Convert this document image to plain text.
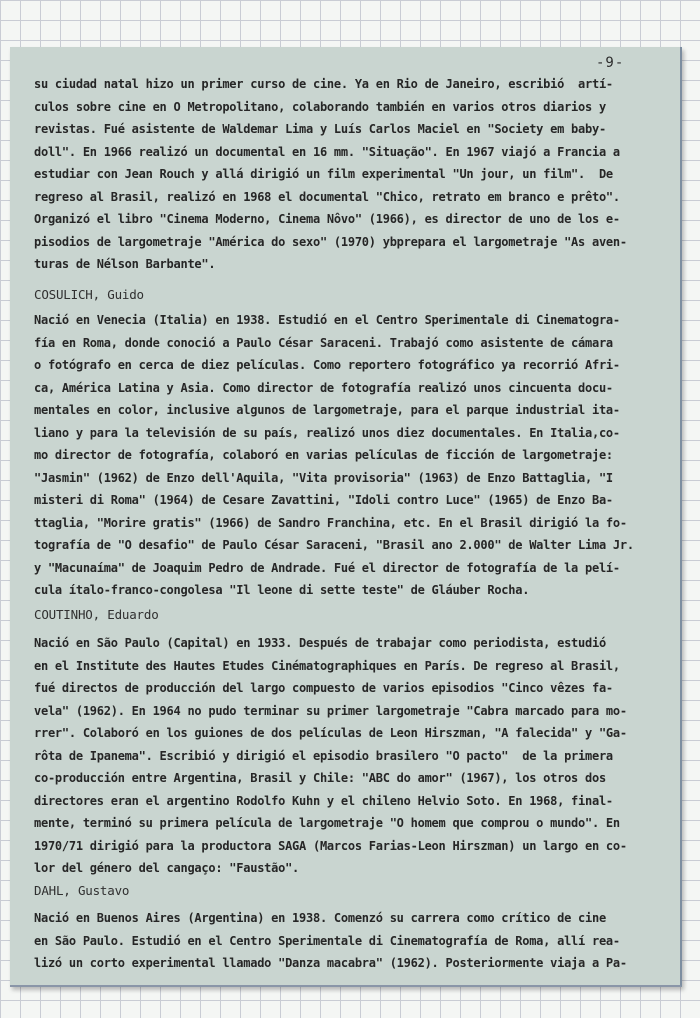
-9-
su ciudad natal hizo un primer curso de cine. Ya en Rio de Janeiro, escribió  artí-
culos sobre cine en O Metropolitano, colaborando también en varios otros diarios y
revistas. Fué asistente de Waldemar Lima y Luís Carlos Maciel en "Society em baby-
doll". En 1966 realizó un documental en 16 mm. "Situação". En 1967 viajó a Francia a
estudiar con Jean Rouch y allá dirigió un film experimental "Un jour, un film".  De
regreso al Brasil, realizó en 1968 el documental "Chico, retrato em branco e prêto".
Organizó el libro "Cinema Moderno, Cinema Nôvo" (1966), es director de uno de los e-
pisodios de largometraje "América do sexo" (1970) ybprepara el largometraje "As aven-
turas de Nélson Barbante".
COSULICH, Guido
Nació en Venecia (Italia) en 1938. Estudió en el Centro Sperimentale di Cinematogra-
fía en Roma, donde conoció a Paulo César Saraceni. Trabajó como asistente de cámara
o fotógrafo en cerca de diez películas. Como reportero fotográfico ya recorrió Afri-
ca, América Latina y Asia. Como director de fotografía realizó unos cincuenta docu-
mentales en color, inclusive algunos de largometraje, para el parque industrial ita-
liano y para la televisión de su país, realizó unos diez documentales. En Italia,co-
mo director de fotografía, colaboró en varias películas de ficción de largometraje:
"Jasmin" (1962) de Enzo dell'Aquila, "Vita provisoria" (1963) de Enzo Battaglia, "I
misteri di Roma" (1964) de Cesare Zavattini, "Idoli contro Luce" (1965) de Enzo Ba-
ttaglia, "Morire gratis" (1966) de Sandro Franchina, etc. En el Brasil dirigió la fo-
tografía de "O desafio" de Paulo César Saraceni, "Brasil ano 2.000" de Walter Lima Jr.
y "Macunaíma" de Joaquim Pedro de Andrade. Fué el director de fotografía de la pelí-
cula ítalo-franco-congolesa "Il leone di sette teste" de Gláuber Rocha.
COUTINHO, Eduardo
Nació en São Paulo (Capital) en 1933. Después de trabajar como periodista, estudió
en el Institute des Hautes Etudes Cinématographiques en París. De regreso al Brasil,
fué directos de producción del largo compuesto de varios episodios "Cinco vêzes fa-
vela" (1962). En 1964 no pudo terminar su primer largometraje "Cabra marcado para mo-
rrer". Colaboró en los guiones de dos películas de Leon Hirszman, "A falecida" y "Ga-
rôta de Ipanema". Escribió y dirigió el episodio brasilero "O pacto"  de la primera
co-producción entre Argentina, Brasil y Chile: "ABC do amor" (1967), los otros dos
directores eran el argentino Rodolfo Kuhn y el chileno Helvio Soto. En 1968, final-
mente, terminó su primera película de largometraje "O homem que comprou o mundo". En
1970/71 dirigió para la productora SAGA (Marcos Farias-Leon Hirszman) un largo en co-
lor del género del cangaço: "Faustão".
DAHL, Gustavo
Nació en Buenos Aires (Argentina) en 1938. Comenzó su carrera como crítico de cine
en São Paulo. Estudió en el Centro Sperimentale di Cinematografía de Roma, allí rea-
lizó un corto experimental llamado "Danza macabra" (1962). Posteriormente viaja a Pa-
